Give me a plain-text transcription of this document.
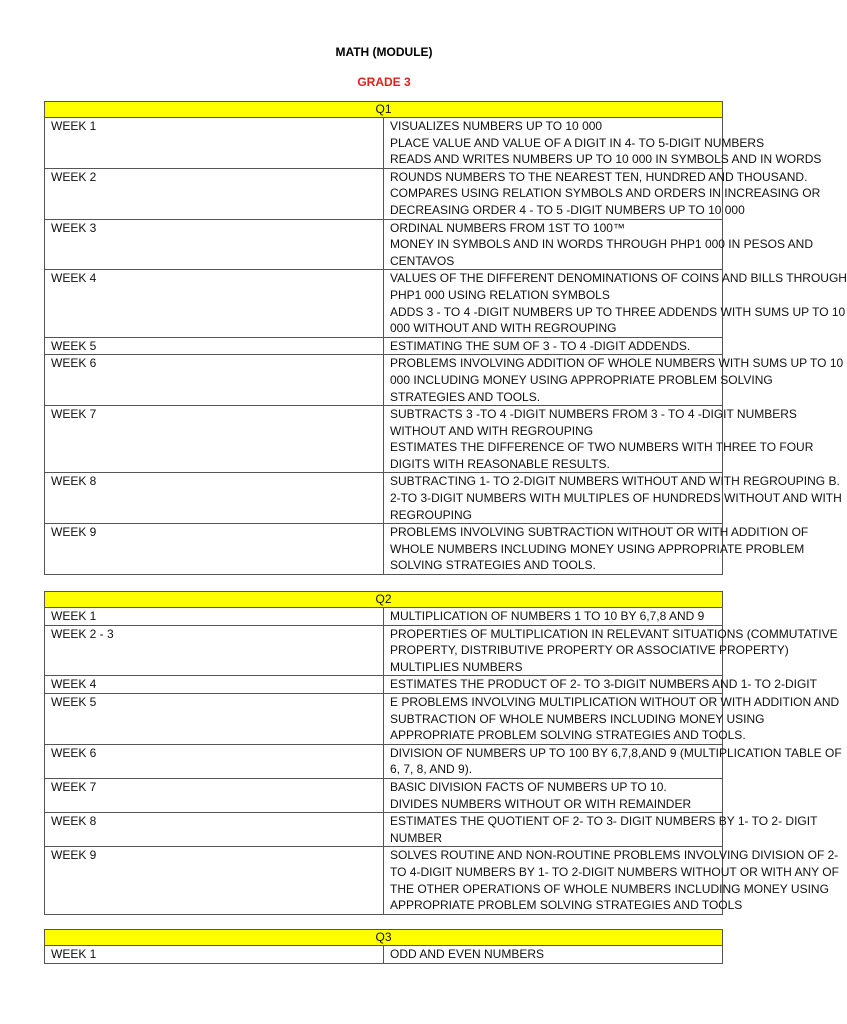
MATH (MODULE)
GRADE 3
Q1	
WEEK 1	VISUALIZES NUMBERS UP TO 10 000
PLACE VALUE AND VALUE OF A DIGIT IN 4- TO 5-DIGIT NUMBERS
READS AND WRITES NUMBERS UP TO 10 000 IN SYMBOLS AND IN WORDS

WEEK 2	ROUNDS NUMBERS TO THE NEAREST TEN, HUNDRED AND THOUSAND.
COMPARES USING RELATION SYMBOLS AND ORDERS IN INCREASING OR
DECREASING ORDER 4 - TO 5 -DIGIT NUMBERS UP TO 10 000

WEEK 3	ORDINAL NUMBERS FROM 1ST TO 100™
MONEY IN SYMBOLS AND IN WORDS THROUGH PHP1 000 IN PESOS AND
CENTAVOS

WEEK 4	VALUES OF THE DIFFERENT DENOMINATIONS OF COINS AND BILLS THROUGH
PHP1 000 USING RELATION SYMBOLS
ADDS 3 - TO 4 -DIGIT NUMBERS UP TO THREE ADDENDS WITH SUMS UP TO 10
000 WITHOUT AND WITH REGROUPING

WEEK 5	ESTIMATING THE SUM OF 3 - TO 4 -DIGIT ADDENDS.

WEEK 6	PROBLEMS INVOLVING ADDITION OF WHOLE NUMBERS WITH SUMS UP TO 10
000 INCLUDING MONEY USING APPROPRIATE PROBLEM SOLVING
STRATEGIES AND TOOLS.

WEEK 7	SUBTRACTS 3 -TO 4 -DIGIT NUMBERS FROM 3 - TO 4 -DIGIT NUMBERS
WITHOUT AND WITH REGROUPING
ESTIMATES THE DIFFERENCE OF TWO NUMBERS WITH THREE TO FOUR
DIGITS WITH REASONABLE RESULTS.

WEEK 8	SUBTRACTING 1- TO 2-DIGIT NUMBERS WITHOUT AND WITH REGROUPING B.
2-TO 3-DIGIT NUMBERS WITH MULTIPLES OF HUNDREDS WITHOUT AND WITH
REGROUPING

WEEK 9	PROBLEMS INVOLVING SUBTRACTION WITHOUT OR WITH ADDITION OF
WHOLE NUMBERS INCLUDING MONEY USING APPROPRIATE PROBLEM
SOLVING STRATEGIES AND TOOLS.
Q2	
WEEK 1	MULTIPLICATION OF NUMBERS 1 TO 10 BY 6,7,8 AND 9

WEEK 2 - 3	PROPERTIES OF MULTIPLICATION IN RELEVANT SITUATIONS (COMMUTATIVE
PROPERTY, DISTRIBUTIVE PROPERTY OR ASSOCIATIVE PROPERTY)
MULTIPLIES NUMBERS

WEEK 4	ESTIMATES THE PRODUCT OF 2- TO 3-DIGIT NUMBERS AND 1- TO 2-DIGIT

WEEK 5	E PROBLEMS INVOLVING MULTIPLICATION WITHOUT OR WITH ADDITION AND
SUBTRACTION OF WHOLE NUMBERS INCLUDING MONEY USING
APPROPRIATE PROBLEM SOLVING STRATEGIES AND TOOLS.

WEEK 6	DIVISION OF NUMBERS UP TO 100 BY 6,7,8,AND 9 (MULTIPLICATION TABLE OF
6, 7, 8, AND 9).

WEEK 7	BASIC DIVISION FACTS OF NUMBERS UP TO 10.
DIVIDES NUMBERS WITHOUT OR WITH REMAINDER

WEEK 8	ESTIMATES THE QUOTIENT OF 2- TO 3- DIGIT NUMBERS BY 1- TO 2- DIGIT
NUMBER

WEEK 9	SOLVES ROUTINE AND NON-ROUTINE PROBLEMS INVOLVING DIVISION OF 2-
TO 4-DIGIT NUMBERS BY 1- TO 2-DIGIT NUMBERS WITHOUT OR WITH ANY OF
THE OTHER OPERATIONS OF WHOLE NUMBERS INCLUDING MONEY USING
APPROPRIATE PROBLEM SOLVING STRATEGIES AND TOOLS
Q3
WEEK 1	ODD AND EVEN NUMBERS
